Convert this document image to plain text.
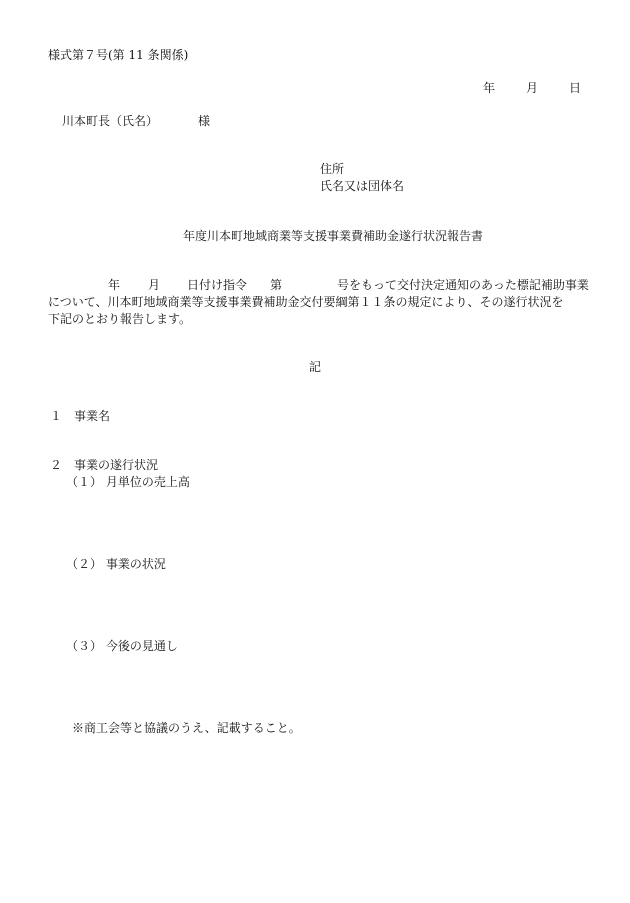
様式第７号(第 11 条関係)
年	月	日
川本町長（氏名）	様
住所
氏名又は団体名
年度川本町地域商業等支援事業費補助金遂行状況報告書
年 月 日付け指令 第	号をもって交付決定通知のあった標記補助事業
について、川本町地域商業等支援事業費補助金交付要綱第１１条の規定により、その遂行状況を
下記のとおり報告します。
記
１　事業名
２　事業の遂行状況
（１） 月単位の売上高
（２） 事業の状況
（３） 今後の見通し
※商工会等と協議のうえ、記載すること。
